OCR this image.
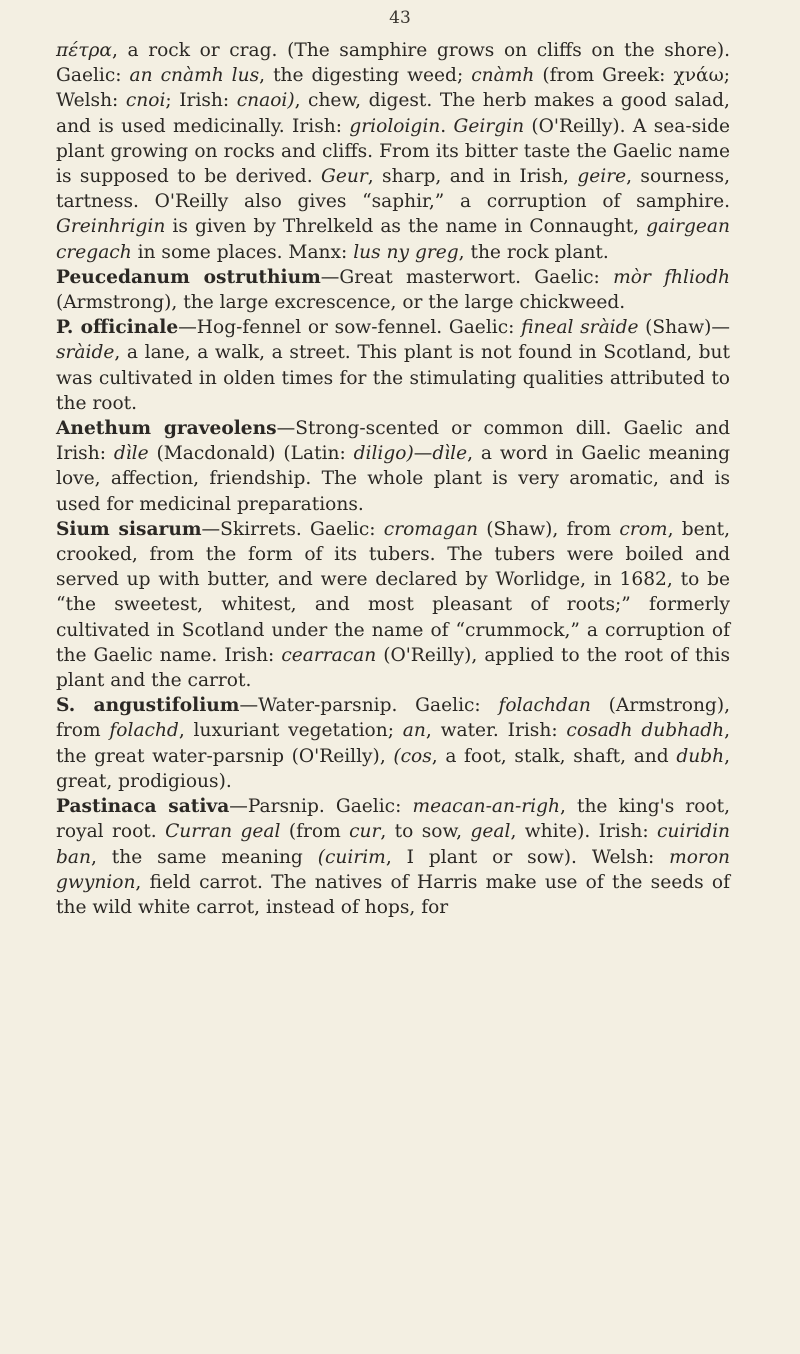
43

πέτρα, a rock or crag. (The samphire grows on cliffs on the shore). Gaelic: an cnàmh lus, the digesting weed; cnàmh (from Greek: χνάω; Welsh: cnoi; Irish: cnaoi), chew, digest. The herb makes a good salad, and is used medicinally. Irish: grioloigin. Geirgin (O'Reilly). A sea-side plant growing on rocks and cliffs. From its bitter taste the Gaelic name is supposed to be derived. Geur, sharp, and in Irish, geire, sourness, tartness. O'Reilly also gives “saphir,” a corruption of samphire. Greinhrigin is given by Threlkeld as the name in Connaught, gairgean cregach in some places. Manx: lus ny greg, the rock plant.

Peucedanum ostruthium—Great masterwort. Gaelic: mòr fhliodh (Armstrong), the large excrescence, or the large chickweed.

P. officinale—Hog-fennel or sow-fennel. Gaelic: fineal sràide (Shaw)—sràide, a lane, a walk, a street. This plant is not found in Scotland, but was cultivated in olden times for the stimulating qualities attributed to the root.

Anethum graveolens—Strong-scented or common dill. Gaelic and Irish: dìle (Macdonald) (Latin: diligo)—dìle, a word in Gaelic meaning love, affection, friendship. The whole plant is very aromatic, and is used for medicinal preparations.

Sium sisarum—Skirrets. Gaelic: cromagan (Shaw), from crom, bent, crooked, from the form of its tubers. The tubers were boiled and served up with butter, and were declared by Worlidge, in 1682, to be “the sweetest, whitest, and most pleasant of roots;” formerly cultivated in Scotland under the name of “crummock,” a corruption of the Gaelic name. Irish: cearracan (O'Reilly), applied to the root of this plant and the carrot.

S. angustifolium—Water-parsnip. Gaelic: folachdan (Armstrong), from folachd, luxuriant vegetation; an, water. Irish: cosadh dubhadh, the great water-parsnip (O'Reilly), (cos, a foot, stalk, shaft, and dubh, great, prodigious).

Pastinaca sativa—Parsnip. Gaelic: meacan-an-righ, the king's root, royal root. Curran geal (from cur, to sow, geal, white). Irish: cuiridin ban, the same meaning (cuirim, I plant or sow). Welsh: moron gwynion, field carrot. The natives of Harris make use of the seeds of the wild white carrot, instead of hops, for
